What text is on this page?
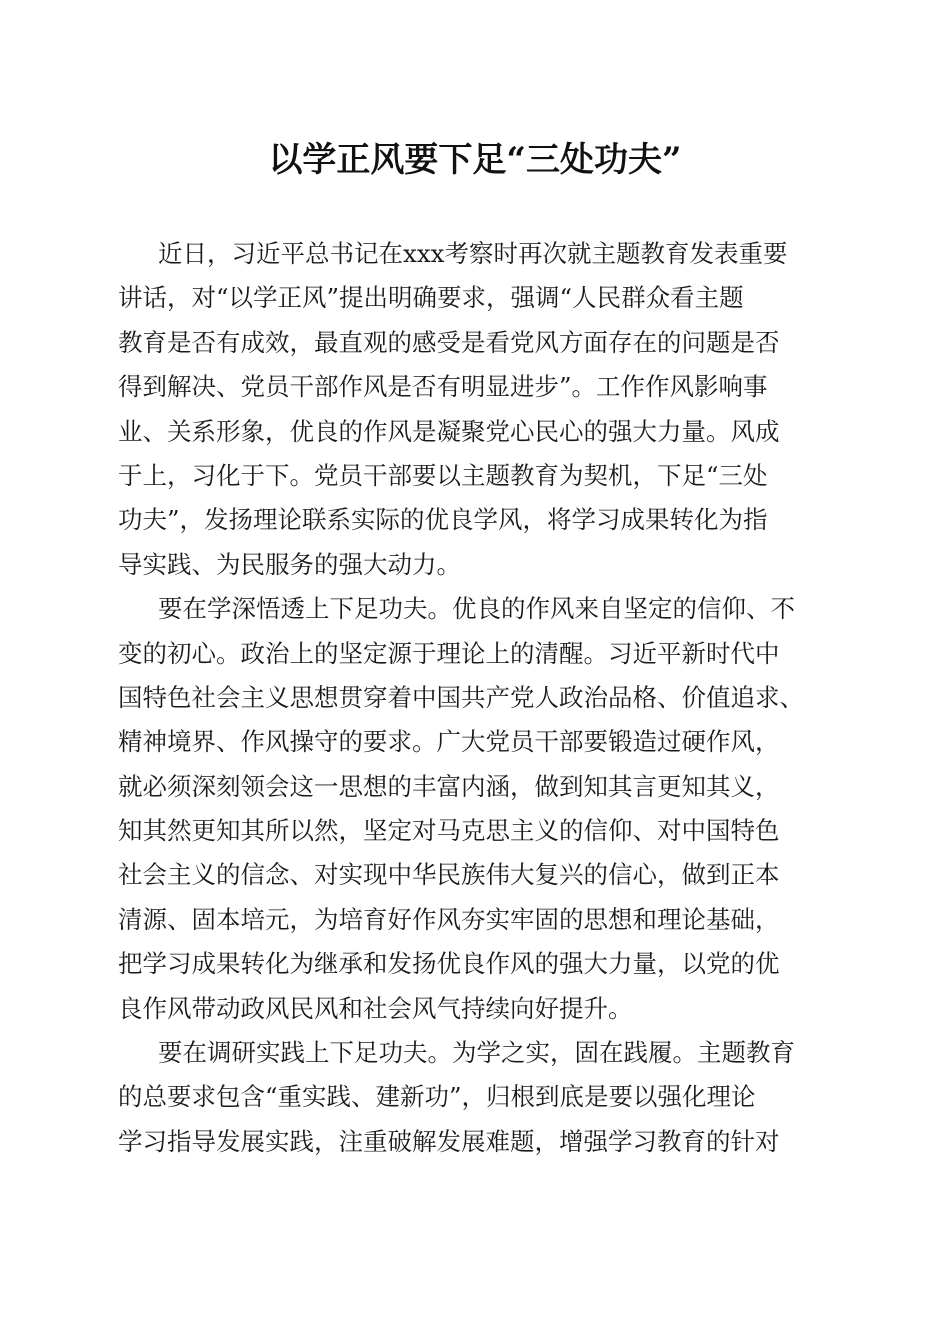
以学正风要下足“三处功夫”
近日，习近平总书记在xxx考察时再次就主题教育发表重要
讲话，对“以学正风”提出明确要求，强调“人民群众看主题
教育是否有成效，最直观的感受是看党风方面存在的问题是否
得到解决、党员干部作风是否有明显进步”。工作作风影响事
业、关系形象，优良的作风是凝聚党心民心的强大力量。风成
于上，习化于下。党员干部要以主题教育为契机，下足“三处
功夫”，发扬理论联系实际的优良学风，将学习成果转化为指
导实践、为民服务的强大动力。
要在学深悟透上下足功夫。优良的作风来自坚定的信仰、不
变的初心。政治上的坚定源于理论上的清醒。习近平新时代中
国特色社会主义思想贯穿着中国共产党人政治品格、价值追求、
精神境界、作风操守的要求。广大党员干部要锻造过硬作风，
就必须深刻领会这一思想的丰富内涵，做到知其言更知其义，
知其然更知其所以然，坚定对马克思主义的信仰、对中国特色
社会主义的信念、对实现中华民族伟大复兴的信心，做到正本
清源、固本培元，为培育好作风夯实牢固的思想和理论基础，
把学习成果转化为继承和发扬优良作风的强大力量，以党的优
良作风带动政风民风和社会风气持续向好提升。
要在调研实践上下足功夫。为学之实，固在践履。主题教育
的总要求包含“重实践、建新功”，归根到底是要以强化理论
学习指导发展实践，注重破解发展难题，增强学习教育的针对
